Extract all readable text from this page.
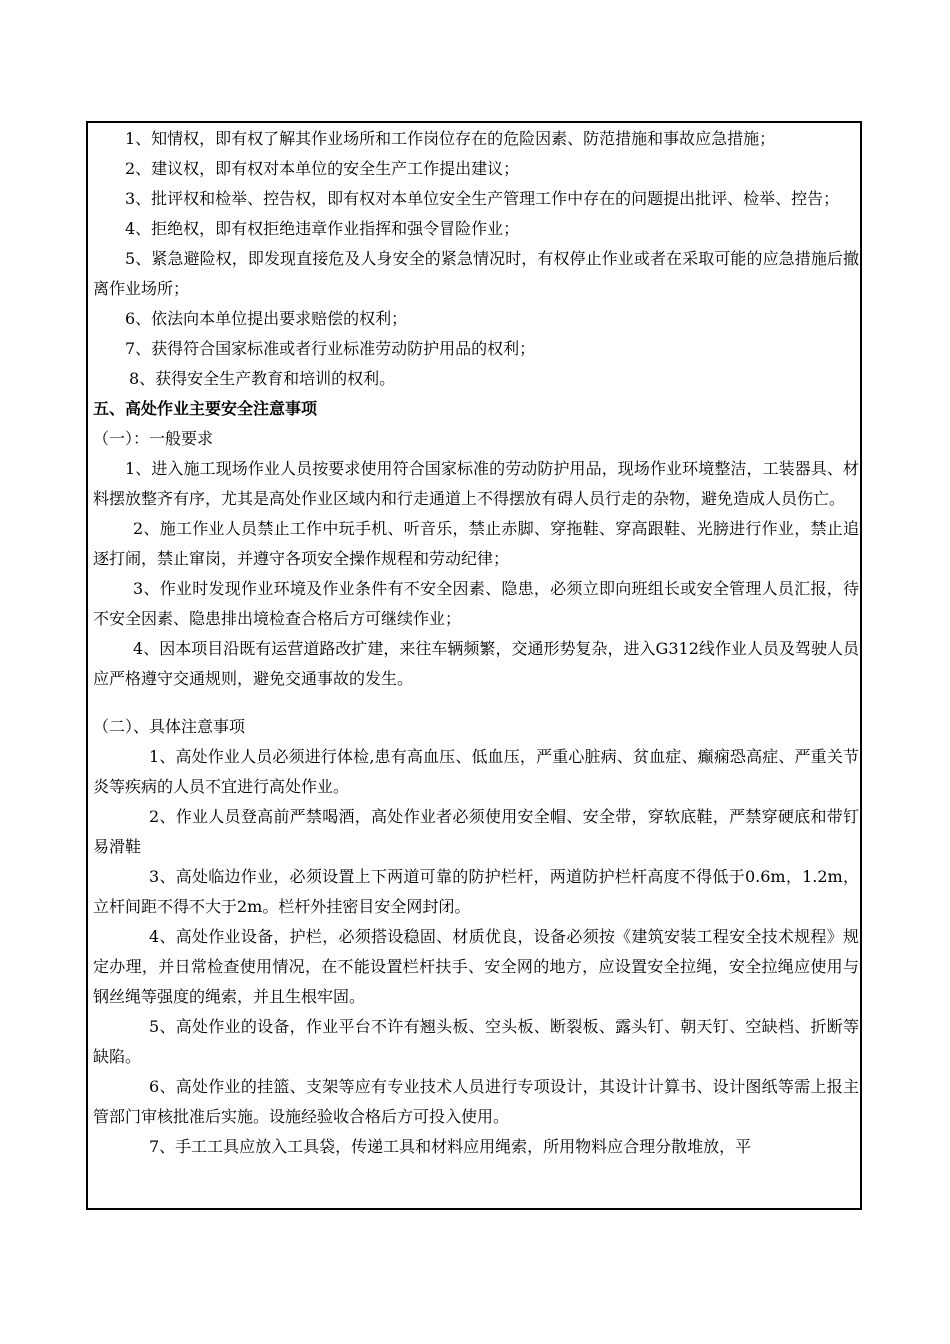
1、知情权，即有权了解其作业场所和工作岗位存在的危险因素、防范措施和事故应急措施；

2、建议权，即有权对本单位的安全生产工作提出建议；

3、批评权和检举、控告权，即有权对本单位安全生产管理工作中存在的问题提出批评、检举、控告；

4、拒绝权，即有权拒绝违章作业指挥和强令冒险作业；

5、紧急避险权，即发现直接危及人身安全的紧急情况时，有权停止作业或者在采取可能的应急措施后撤离作业场所；

6、依法向本单位提出要求赔偿的权利；

7、获得符合国家标准或者行业标准劳动防护用品的权利；

8、获得安全生产教育和培训的权利。

五、高处作业主要安全注意事项

（一）：一般要求

1、进入施工现场作业人员按要求使用符合国家标准的劳动防护用品，现场作业环境整洁，工装器具、材料摆放整齐有序，尤其是高处作业区域内和行走通道上不得摆放有碍人员行走的杂物，避免造成人员伤亡。

2、施工作业人员禁止工作中玩手机、听音乐，禁止赤脚、穿拖鞋、穿高跟鞋、光膀进行作业，禁止追逐打闹，禁止窜岗，并遵守各项安全操作规程和劳动纪律；

3、作业时发现作业环境及作业条件有不安全因素、隐患，必须立即向班组长或安全管理人员汇报，待不安全因素、隐患排出境检查合格后方可继续作业；

4、因本项目沿既有运营道路改扩建，来往车辆频繁，交通形势复杂，进入G312线作业人员及驾驶人员应严格遵守交通规则，避免交通事故的发生。

（二）、具体注意事项

1、高处作业人员必须进行体检,患有高血压、低血压，严重心脏病、贫血症、癫痫恐高症、严重关节炎等疾病的人员不宜进行高处作业。

2、作业人员登高前严禁喝酒，高处作业者必须使用安全帽、安全带，穿软底鞋，严禁穿硬底和带钉易滑鞋

3、高处临边作业，必须设置上下两道可靠的防护栏杆，两道防护栏杆高度不得低于0.6m，1.2m，立杆间距不得不大于2m。栏杆外挂密目安全网封闭。

4、高处作业设备，护栏，必须搭设稳固、材质优良，设备必须按《建筑安装工程安全技术规程》规定办理，并日常检查使用情况，在不能设置栏杆扶手、安全网的地方，应设置安全拉绳，安全拉绳应使用与钢丝绳等强度的绳索，并且生根牢固。

5、高处作业的设备，作业平台不许有翘头板、空头板、断裂板、露头钉、朝天钉、空缺档、折断等缺陷。

6、高处作业的挂篮、支架等应有专业技术人员进行专项设计，其设计计算书、设计图纸等需上报主管部门审核批准后实施。设施经验收合格后方可投入使用。

7、手工工具应放入工具袋，传递工具和材料应用绳索，所用物料应合理分散堆放，平
